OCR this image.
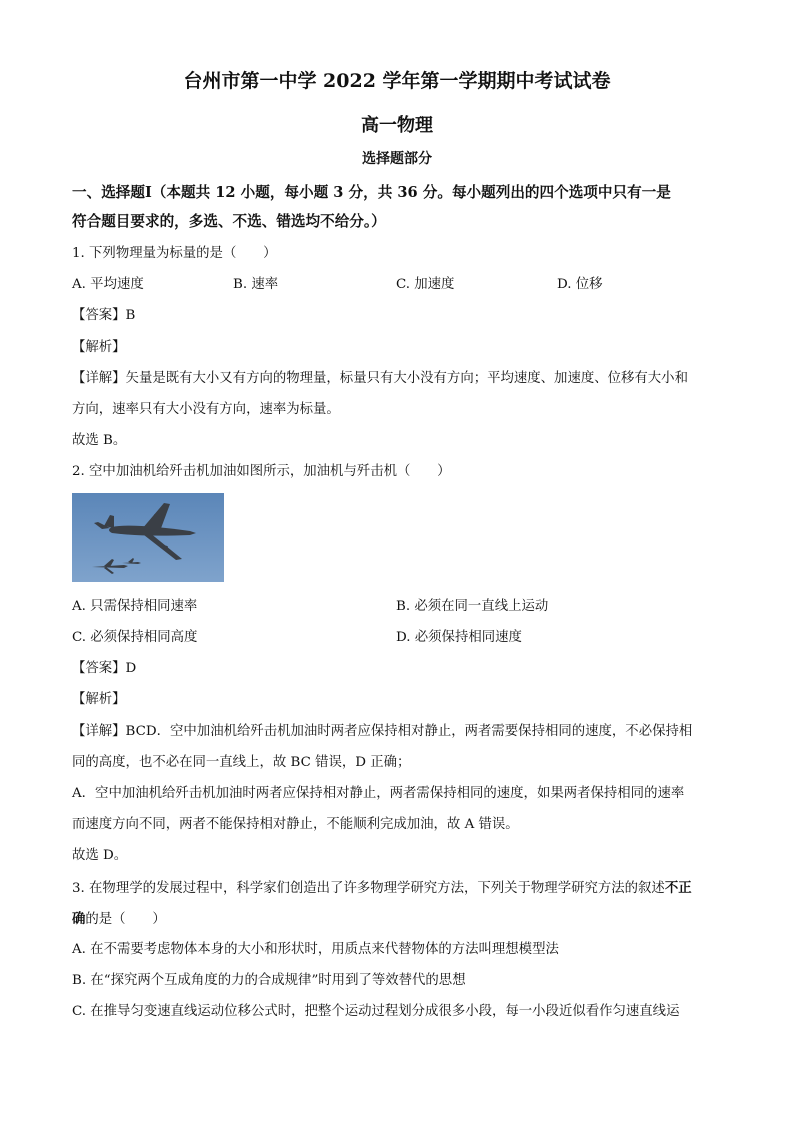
台州市第一中学 2022 学年第一学期期中考试试卷
高一物理
选择题部分
一、选择题Ⅰ（本题共 12 小题，每小题 3 分，共 36 分。每小题列出的四个选项中只有一是
符合题目要求的，多选、不选、错选均不给分。）
1. 下列物理量为标量的是（　　）
A. 平均速度	B. 速率	C. 加速度	D. 位移
【答案】B
【解析】
【详解】矢量是既有大小又有方向的物理量，标量只有大小没有方向；平均速度、加速度、位移有大小和
方向，速率只有大小没有方向，速率为标量。
故选 B。
2. 空中加油机给歼击机加油如图所示，加油机与歼击机（　　）
A. 只需保持相同速率	B. 必须在同一直线上运动
C. 必须保持相同高度	D. 必须保持相同速度
【答案】D
【解析】
【详解】BCD．空中加油机给歼击机加油时两者应保持相对静止，两者需要保持相同的速度，不必保持相
同的高度，也不必在同一直线上，故 BC 错误，D 正确；
A．空中加油机给歼击机加油时两者应保持相对静止，两者需保持相同的速度，如果两者保持相同的速率
而速度方向不同，两者不能保持相对静止，不能顺利完成加油，故 A 错误。
故选 D。
3. 在物理学的发展过程中，科学家们创造出了许多物理学研究方法，下列关于物理学研究方法的叙述不正
确的是（　　）
A. 在不需要考虑物体本身的大小和形状时，用质点来代替物体的方法叫理想模型法
B. 在“探究两个互成角度的力的合成规律”时用到了等效替代的思想
C. 在推导匀变速直线运动位移公式时，把整个运动过程划分成很多小段，每一小段近似看作匀速直线运
